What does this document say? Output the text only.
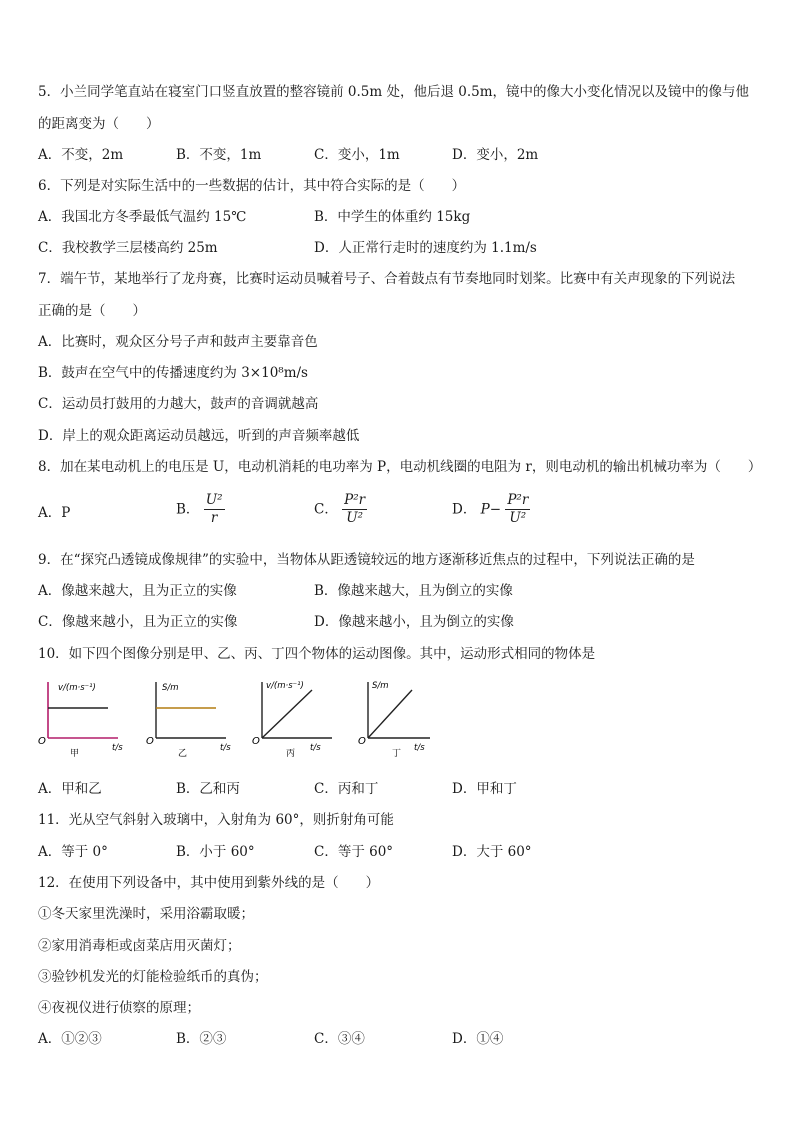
5．小兰同学笔直站在寝室门口竖直放置的整容镜前 0.5m 处，他后退 0.5m，镜中的像大小变化情况以及镜中的像与他
的距离变为（　　）
A．不变，2m	B．不变，1m	C．变小，1m	D．变小，2m
6．下列是对实际生活中的一些数据的估计，其中符合实际的是（　　）
A．我国北方冬季最低气温约 15℃	B．中学生的体重约 15kg
C．我校教学三层楼高约 25m	D．人正常行走时的速度约为 1.1m/s
7．端午节，某地举行了龙舟赛，比赛时运动员喊着号子、合着鼓点有节奏地同时划桨。比赛中有关声现象的下列说法
正确的是（　　）
A．比赛时，观众区分号子声和鼓声主要靠音色
B．鼓声在空气中的传播速度约为 3×10⁸m/s
C．运动员打鼓用的力越大，鼓声的音调就越高
D．岸上的观众距离运动员越远，听到的声音频率越低
8．加在某电动机上的电压是 U，电动机消耗的电功率为 P，电动机线圈的电阻为 r，则电动机的输出机械功率为（　　）
A．P	B． $\frac{\text{U²}}{r}$	C． $\frac{\text{P²r}}{\text{U²}}$	D． $P- \frac{\text{P²r}}{\text{U²}}$
9．在“探究凸透镜成像规律”的实验中，当物体从距透镜较远的地方逐渐移近焦点的过程中，下列说法正确的是
A．像越来越大，且为正立的实像	B．像越来越大，且为倒立的实像
C．像越来越小，且为正立的实像	D．像越来越小，且为倒立的实像
10．如下四个图像分别是甲、乙、丙、丁四个物体的运动图像。其中，运动形式相同的物体是
v/(m·s⁻¹)
O
t/s
甲
S/m
O
t/s
乙
v/(m·s⁻¹)
O
t/s
丙
S/m
O
t/s
丁
A．甲和乙	B．乙和丙	C．丙和丁	D．甲和丁
11．光从空气斜射入玻璃中，入射角为 60°，则折射角可能
A．等于 0°	B．小于 60°	C．等于 60°	D．大于 60°
12．在使用下列设备中，其中使用到紫外线的是（　　）
①冬天家里洗澡时，采用浴霸取暖；
②家用消毒柜或卤菜店用灭菌灯；
③验钞机发光的灯能检验纸币的真伪；
④夜视仪进行侦察的原理；
A．①②③	B．②③	C．③④	D．①④
